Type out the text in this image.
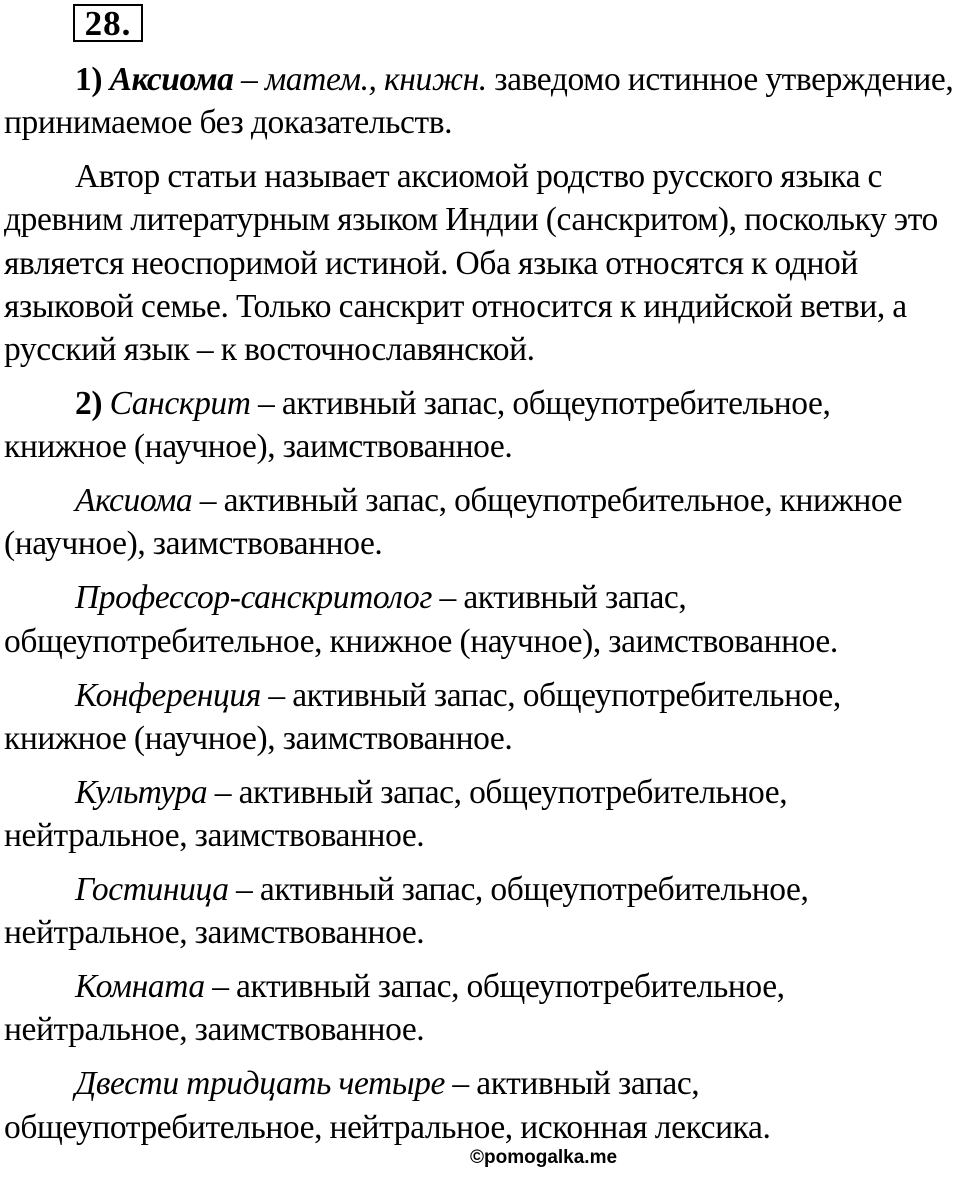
28.

1) Аксиома – матем., книжн. заведомо истинное утверждение, принимаемое без доказательств.

Автор статьи называет аксиомой родство русского языка с древним литературным языком Индии (санскритом), поскольку это является неоспоримой истиной. Оба языка относятся к одной языковой семье. Только санскрит относится к индийской ветви, а русский язык – к восточнославянской.

2) Санскрит – активный запас, общеупотребительное, книжное (научное), заимствованное.

Аксиома – активный запас, общеупотребительное, книжное (научное), заимствованное.

Профессор-санскритолог – активный запас, общеупотребительное, книжное (научное), заимствованное.

Конференция – активный запас, общеупотребительное, книжное (научное), заимствованное.

Культура – активный запас, общеупотребительное, нейтральное, заимствованное.

Гостиница – активный запас, общеупотребительное, нейтральное, заимствованное.

Комната – активный запас, общеупотребительное, нейтральное, заимствованное.

Двести тридцать четыре – активный запас, общеупотребительное, нейтральное, исконная лексика.

©pomogalka.me
